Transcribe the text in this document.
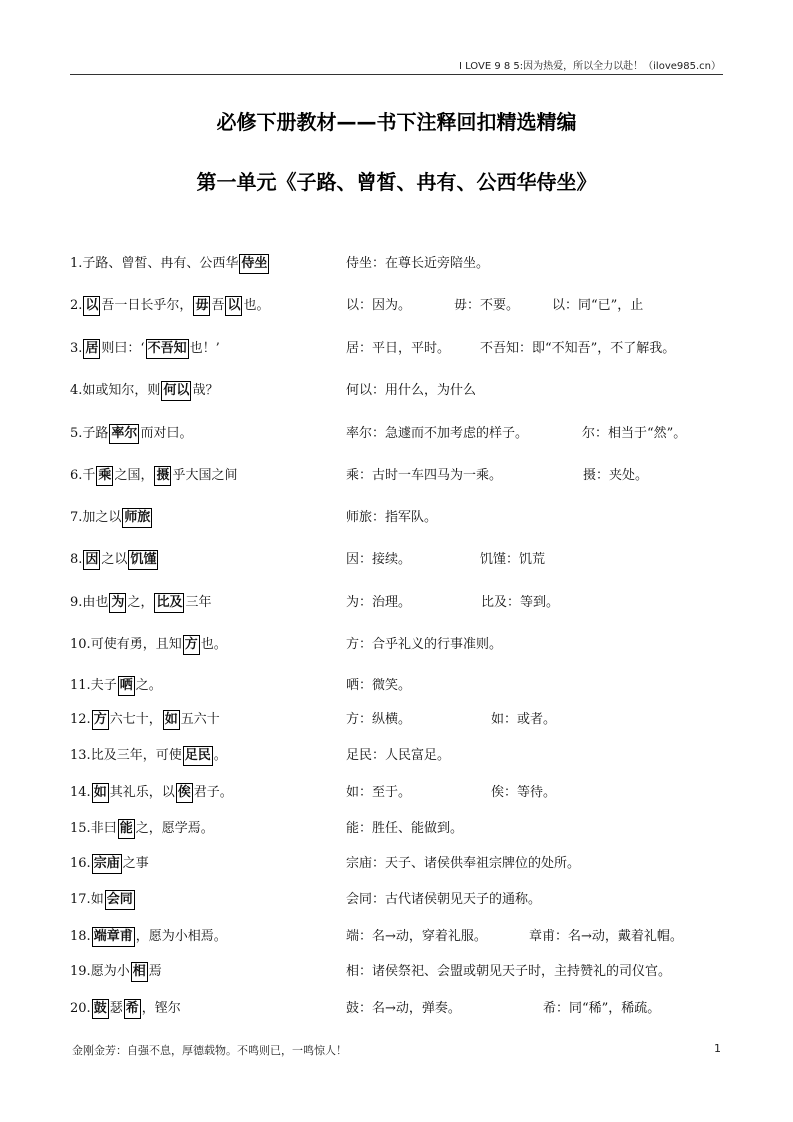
I LOVE 9 8 5:因为热爱，所以全力以赴！（ilove985.cn）
必修下册教材——书下注释回扣精选精编
第一单元《子路、曾皙、冉有、公西华侍坐》
1.子路、曾皙、冉有、公西华 侍坐	侍坐：在尊长近旁陪坐。
2. 以 吾一日长乎尔， 毋 吾 以 也。	以：因为。	毋：不要。	以：同“已”，止
3. 居 则曰：‘ 不吾知 也！’	居：平日，平时。 不吾知：即“不知吾”，不了解我。
4.如或知尔，则 何以 哉？	何以：用什么，为什么
5.子路 率尔 而对曰。	率尔：急遽而不加考虑的样子。	尔：相当于“然”。
6.千 乘 之国， 摄 乎大国之间	乘：古时一车四马为一乘。	摄：夹处。
7.加之以 师旅	师旅：指军队。
8. 因 之以 饥馑	因：接续。	饥馑：饥荒
9.由也 为 之， 比及 三年	为：治理。	比及：等到。
10.可使有勇，且知 方 也。	方：合乎礼义的行事准则。
11.夫子 哂 之。	哂：微笑。
12. 方 六七十， 如 五六十	方：纵横。	如：或者。
13.比及三年，可使 足民 。	足民：人民富足。
14. 如 其礼乐，以 俟 君子。	如：至于。	俟：等待。
15.非曰 能 之，愿学焉。	能：胜任、能做到。
16. 宗庙 之事	宗庙：天子、诸侯供奉祖宗牌位的处所。
17.如 会同	会同：古代诸侯朝见天子的通称。
18. 端章甫 ，愿为小相焉。	端：名→动，穿着礼服。	章甫：名→动，戴着礼帽。
19.愿为小 相 焉	相：诸侯祭祀、会盟或朝见天子时，主持赞礼的司仪官。
20. 鼓 瑟 希 ，铿尔	鼓：名→动，弹奏。	希：同“稀”，稀疏。
金刚金芳：自强不息，厚德载物。不鸣则已，一鸣惊人！	1
